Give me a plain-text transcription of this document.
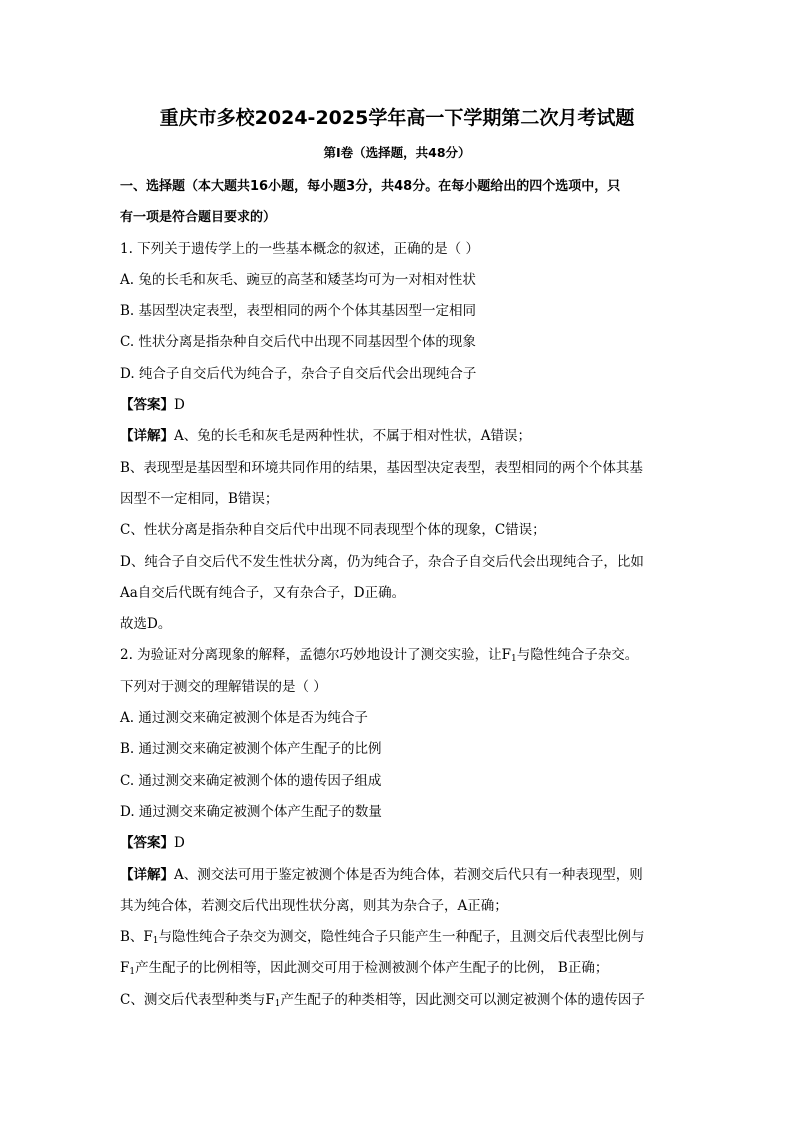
重庆市多校2024-2025学年高一下学期第二次月考试题
第Ⅰ卷（选择题，共48分）
一、选择题（本大题共16小题，每小题3分，共48分。在每小题给出的四个选项中，只
有一项是符合题目要求的）
1. 下列关于遗传学上的一些基本概念的叙述，正确的是（ ）
A. 兔的长毛和灰毛、豌豆的高茎和矮茎均可为一对相对性状
B. 基因型决定表型，表型相同的两个个体其基因型一定相同
C. 性状分离是指杂种自交后代中出现不同基因型个体的现象
D. 纯合子自交后代为纯合子，杂合子自交后代会出现纯合子
【答案】D
【详解】A、兔的长毛和灰毛是两种性状，不属于相对性状，A错误；
B、表现型是基因型和环境共同作用的结果，基因型决定表型，表型相同的两个个体其基
因型不一定相同，B错误；
C、性状分离是指杂种自交后代中出现不同表现型个体的现象，C错误；
D、纯合子自交后代不发生性状分离，仍为纯合子，杂合子自交后代会出现纯合子，比如
Aa自交后代既有纯合子，又有杂合子，D正确。
故选D。
2. 为验证对分离现象的解释，孟德尔巧妙地设计了测交实验，让$F_1$与隐性纯合子杂交。
下列对于测交的理解错误的是（ ）
A. 通过测交来确定被测个体是否为纯合子
B. 通过测交来确定被测个体产生配子的比例
C. 通过测交来确定被测个体的遗传因子组成
D. 通过测交来确定被测个体产生配子的数量
【答案】D
【详解】A、测交法可用于鉴定被测个体是否为纯合体，若测交后代只有一种表现型，则
其为纯合体，若测交后代出现性状分离，则其为杂合子，A正确；
B、$F_1$与隐性纯合子杂交为测交，隐性纯合子只能产生一种配子，且测交后代表型比例与
$F_1$产生配子的比例相等，因此测交可用于检测被测个体产生配子的比例， B正确；
C、测交后代表型种类与$F_1$产生配子的种类相等，因此测交可以测定被测个体的遗传因子
